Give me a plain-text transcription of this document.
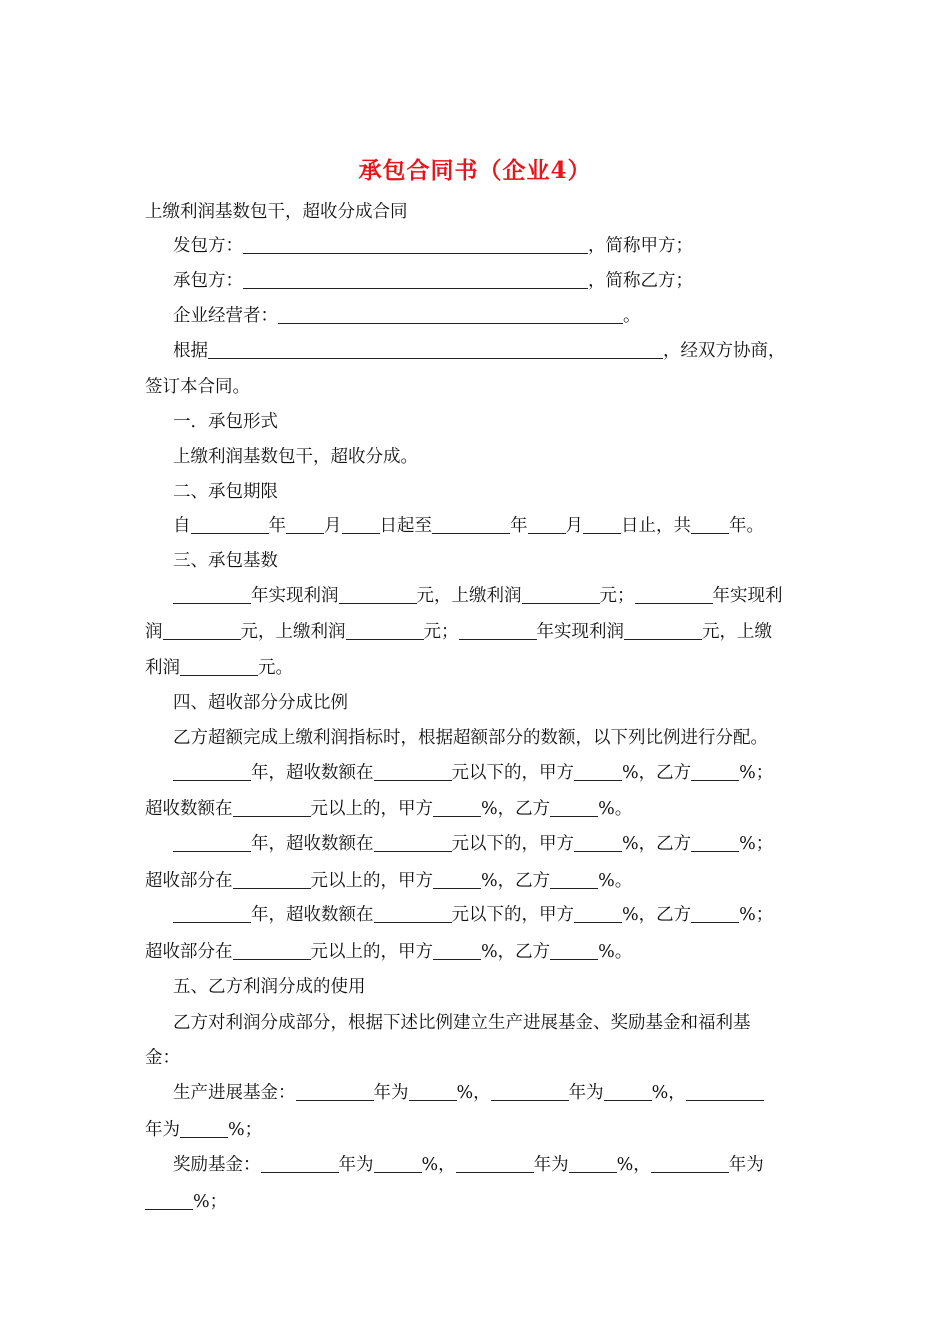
承包合同书（企业4）
上缴利润基数包干，超收分成合同
发包方：	，简称甲方；
承包方：	，简称乙方；
企业经营者：	。
根据	，经双方协商，
签订本合同。
一．承包形式
上缴利润基数包干，超收分成。
二、承包期限
自	年 月 日起至	年 月 日止，共 年。
三、承包基数
年实现利润	元，上缴利润	元；	年实现利
润	元，上缴利润	元；	年实现利润	元，上缴
利润	元。
四、超收部分分成比例
乙方超额完成上缴利润指标时，根据超额部分的数额，以下列比例进行分配。
年，超收数额在	元以下的，甲方	%，乙方	%；
超收数额在	元以上的，甲方	%，乙方	%。
年，超收数额在	元以下的，甲方	%，乙方	%；
超收部分在	元以上的，甲方	%，乙方	%。
年，超收数额在	元以下的，甲方	%，乙方	%；
超收部分在	元以上的，甲方	%，乙方	%。
五、乙方利润分成的使用
乙方对利润分成部分，根据下述比例建立生产进展基金、奖励基金和福利基
金：
生产进展基金：	年为	%，	年为	%，
年为	%；
奖励基金：	年为	%，	年为	%，	年为
%；
